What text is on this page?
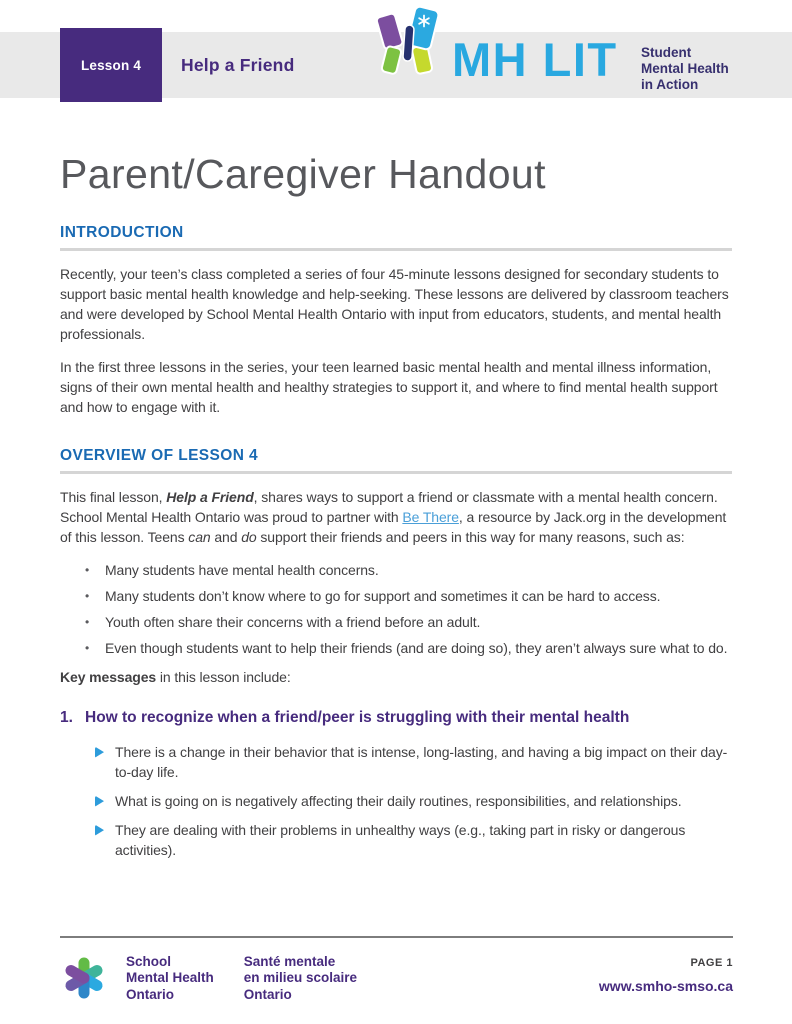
Lesson 4 Help a Friend	MH LIT Student
Mental Health
in Action
Parent/Caregiver Handout
INTRODUCTION

Recently, your teen’s class completed a series of four 45-minute lessons designed for secondary students to support basic mental health knowledge and help-seeking. These lessons are delivered by classroom teachers and were developed by School Mental Health Ontario with input from educators, students, and mental health professionals.

In the first three lessons in the series, your teen learned basic mental health and mental illness information, signs of their own mental health and healthy strategies to support it, and where to find mental health support and how to engage with it.

OVERVIEW OF LESSON 4

This final lesson, Help a Friend, shares ways to support a friend or classmate with a mental health concern. School Mental Health Ontario was proud to partner with Be There, a resource by Jack.org in the development of this lesson. Teens can and do support their friends and peers in this way for many reasons, such as:

•	Many students have mental health concerns.
•	Many students don’t know where to go for support and sometimes it can be hard to access.
•	Youth often share their concerns with a friend before an adult.
•	Even though students want to help their friends (and are doing so), they aren’t always sure what to do.

Key messages in this lesson include:

1. How to recognize when a friend/peer is struggling with their mental health
There is a change in their behavior that is intense, long-lasting, and having a big impact on their day-to-day life.
What is going on is negatively affecting their daily routines, responsibilities, and relationships.
They are dealing with their problems in unhealthy ways (e.g., taking part in risky or dangerous activities).
School
Mental Health
Ontario
Santé mentale
en milieu scolaire
Ontario
PAGE 1
www.smho-smso.ca
